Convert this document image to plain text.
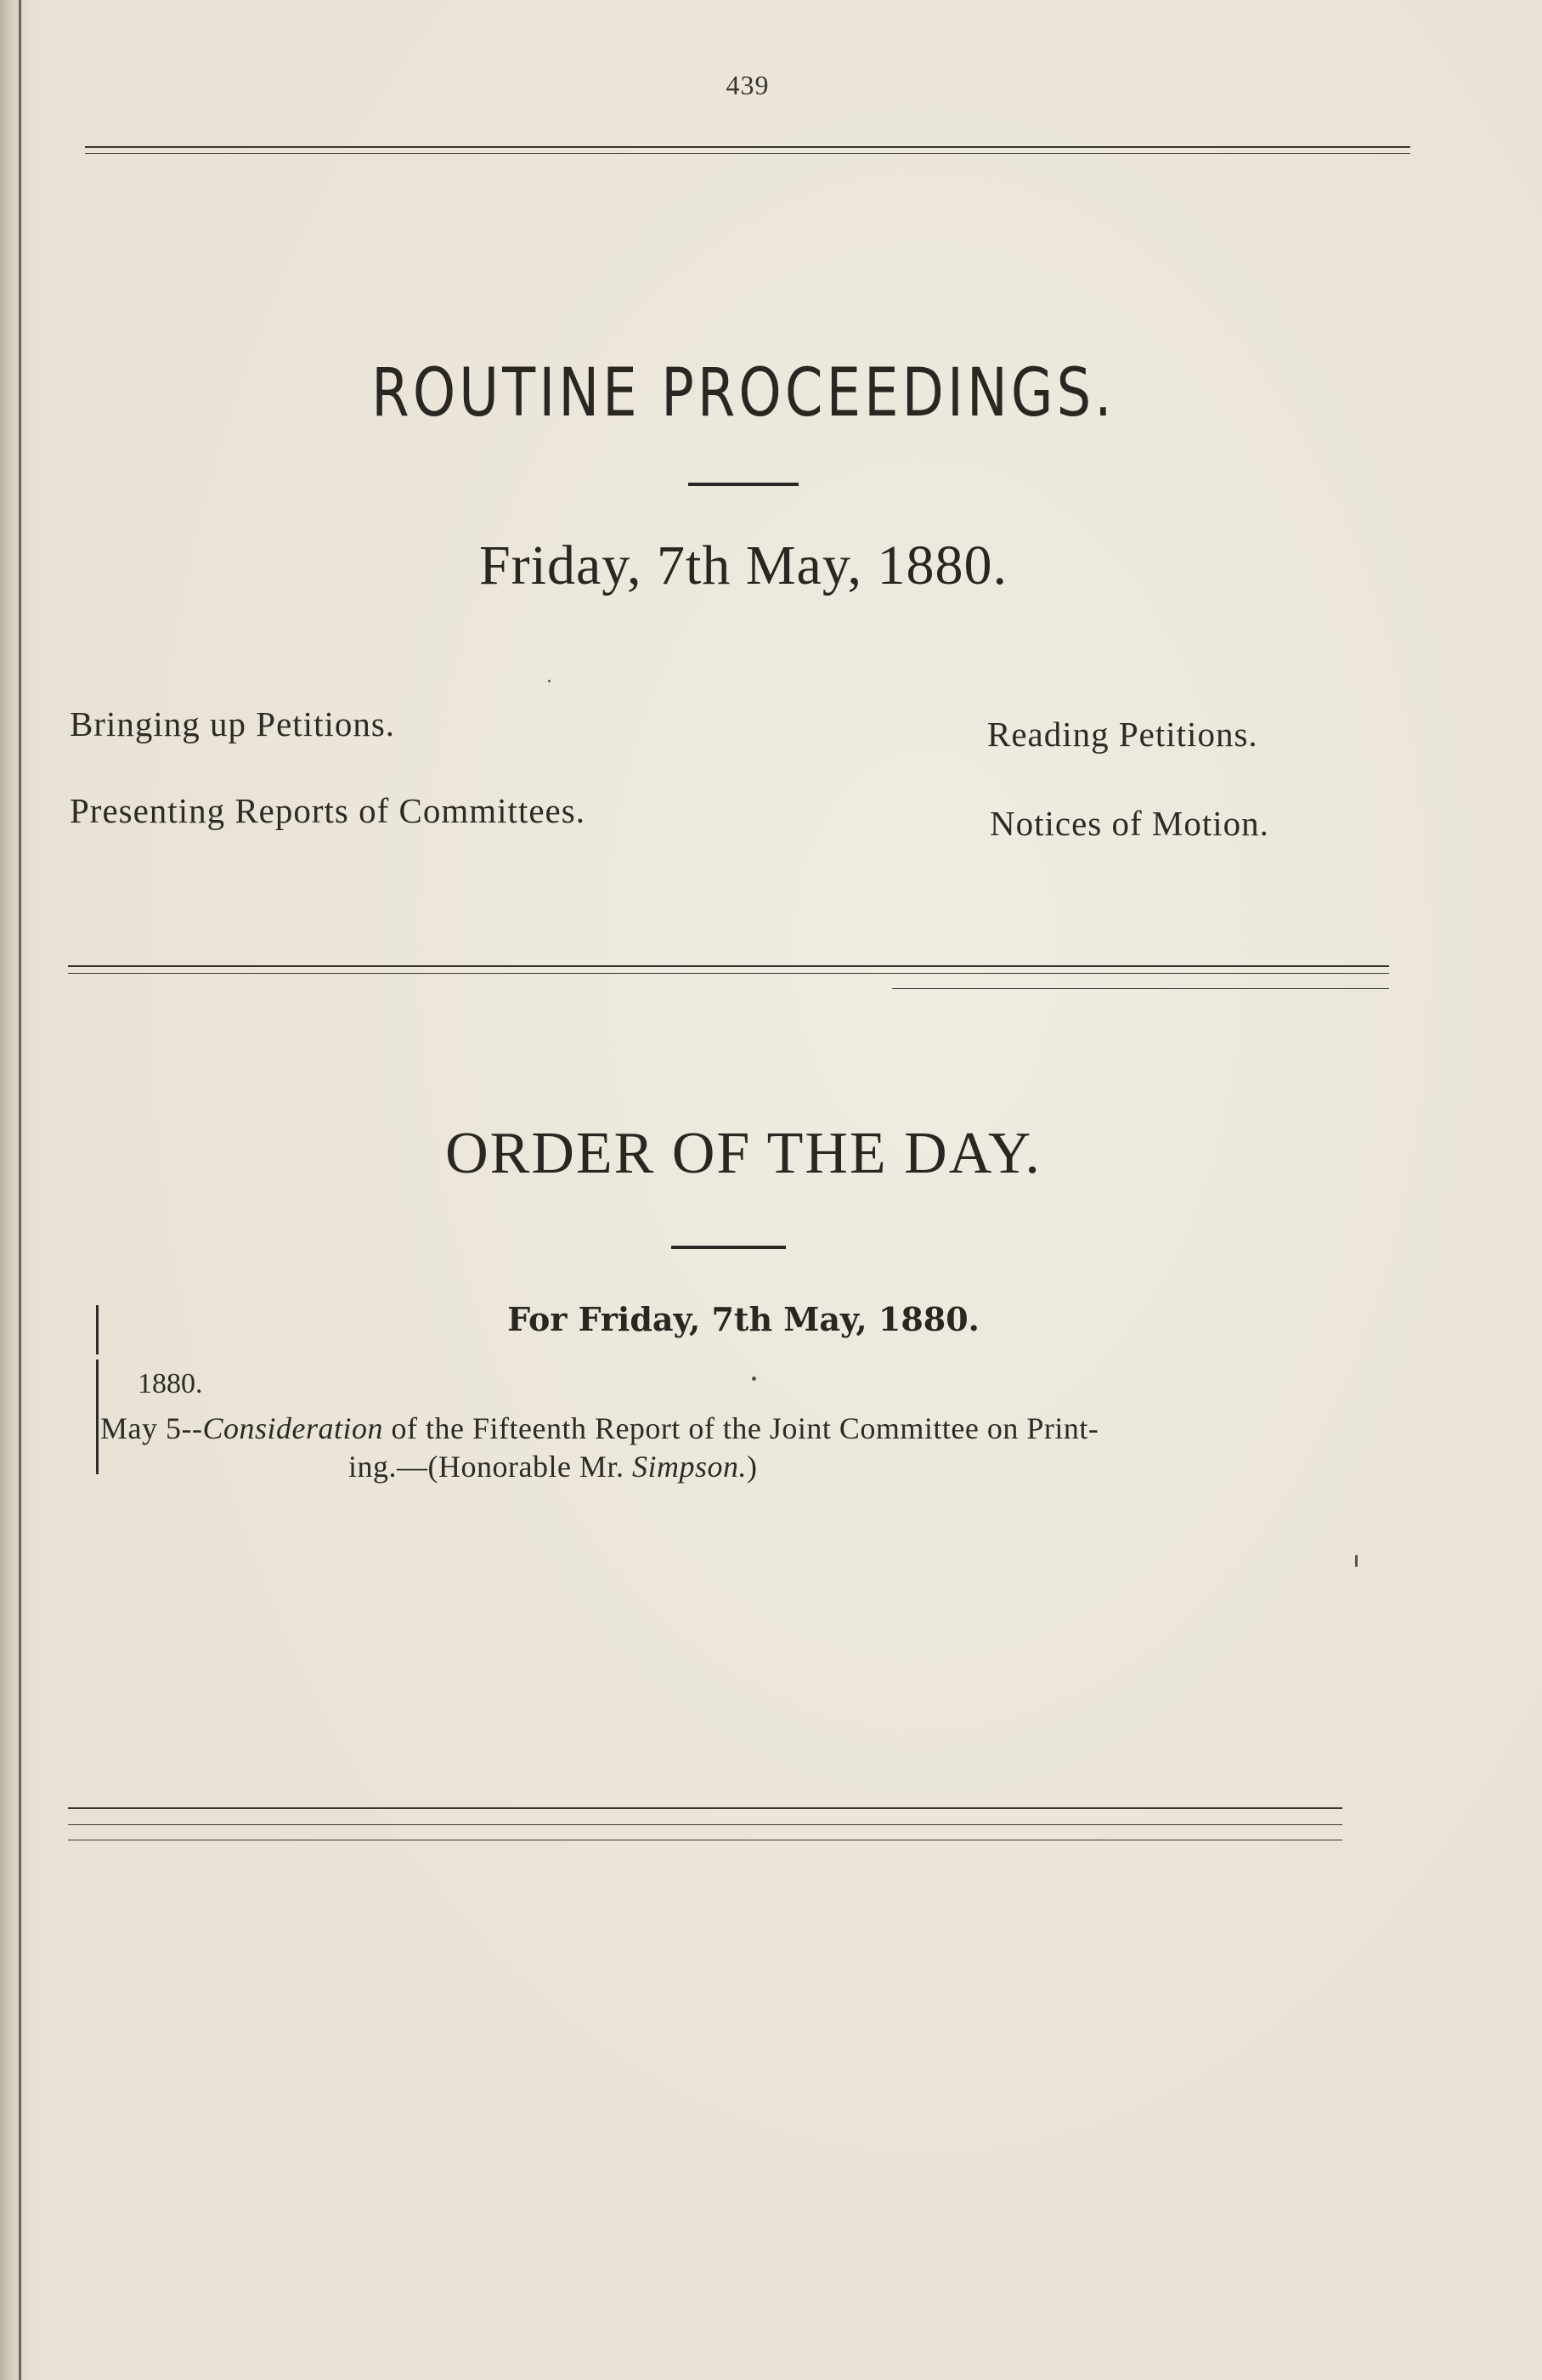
439
ROUTINE PROCEEDINGS.
Friday, 7th May, 1880.
Bringing up Petitions.	Reading Petitions.
Presenting Reports of Committees.	Notices of Motion.
ORDER OF THE DAY.
For Friday, 7th May, 1880.
1880.
May 5--Consideration of the Fifteenth Report of the Joint Committee on Print-
ing.—(Honorable Mr. Simpson.)
